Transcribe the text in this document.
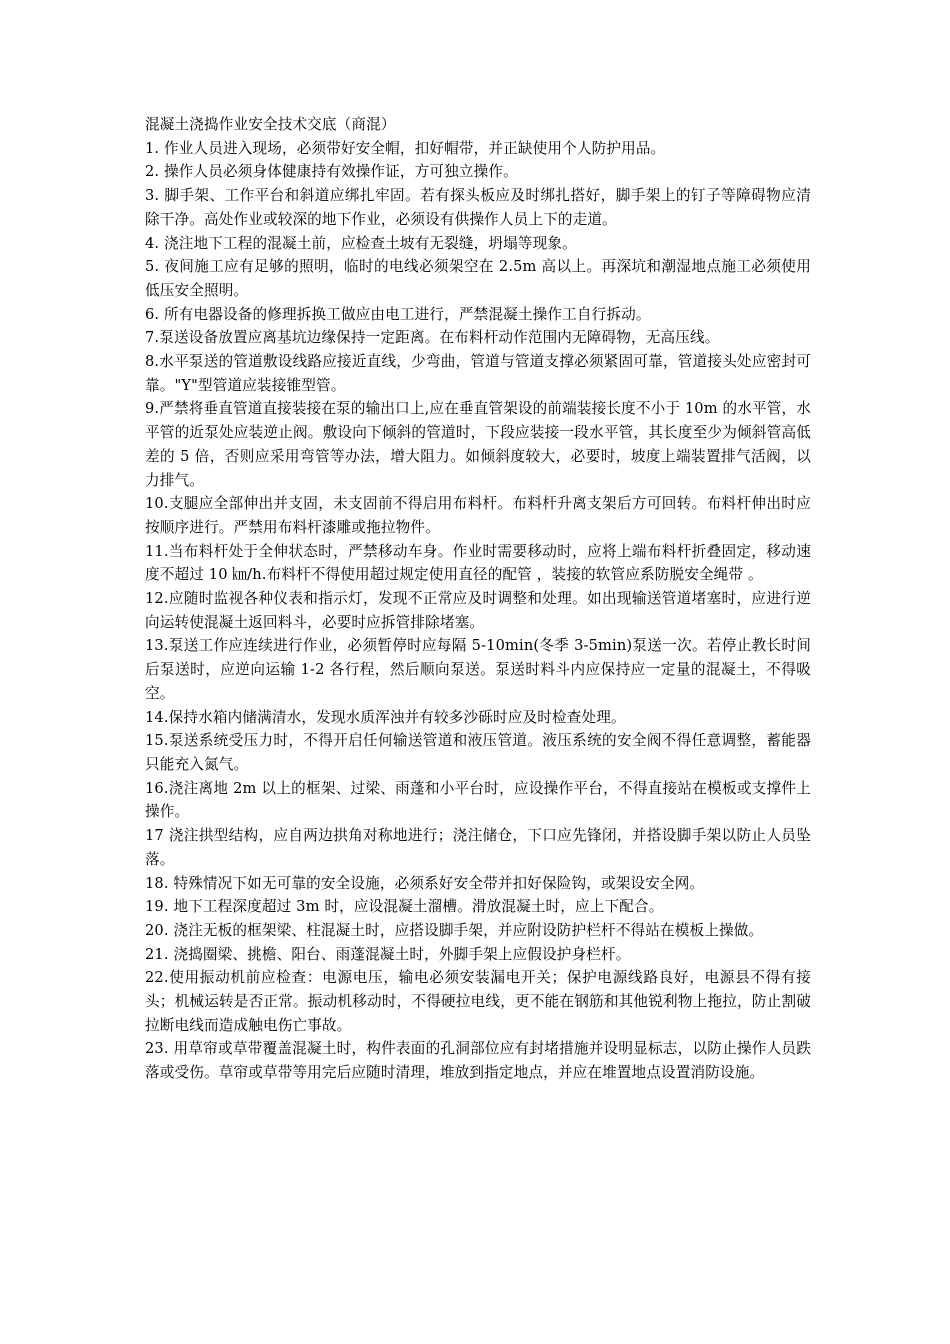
混凝土浇捣作业安全技术交底（商混）

1. 作业人员进入现场，必须带好安全帽，扣好帽带，并正缺使用个人防护用品。

2. 操作人员必须身体健康持有效操作证，方可独立操作。

3. 脚手架、工作平台和斜道应绑扎牢固。若有探头板应及时绑扎搭好，脚手架上的钉子等障碍物应清除干净。高处作业或较深的地下作业，必须设有供操作人员上下的走道。

4. 浇注地下工程的混凝土前，应检查土坡有无裂缝，坍塌等现象。

5. 夜间施工应有足够的照明，临时的电线必须架空在 2.5m 高以上。再深坑和潮湿地点施工必须使用低压安全照明。

6. 所有电器设备的修理拆换工做应由电工进行，严禁混凝土操作工自行拆动。

7.泵送设备放置应离基坑边缘保持一定距离。在布料杆动作范围内无障碍物，无高压线。

8.水平泵送的管道敷设线路应接近直线，少弯曲，管道与管道支撑必须紧固可靠，管道接头处应密封可靠。"Y"型管道应装接锥型管。

9.严禁将垂直管道直接装接在泵的输出口上,应在垂直管架设的前端装接长度不小于 10m 的水平管，水平管的近泵处应装逆止阀。敷设向下倾斜的管道时，下段应装接一段水平管，其长度至少为倾斜管高低差的 5 倍，否则应采用弯管等办法，增大阻力。如倾斜度较大，必要时，坡度上端装置排气活阀，以力排气。

10.支腿应全部伸出并支固，未支固前不得启用布料杆。布料杆升离支架后方可回转。布料杆伸出时应按顺序进行。严禁用布料杆漆雕或拖拉物件。

11.当布料杆处于全伸状态时，严禁移动车身。作业时需要移动时，应将上端布料杆折叠固定，移动速度不超过 10 ㎞/h.布料杆不得使用超过规定使用直径的配管 ，装接的软管应系防脱安全绳带 。

12.应随时监视各种仪表和指示灯，发现不正常应及时调整和处理。如出现输送管道堵塞时，应进行逆向运转使混凝土返回料斗，必要时应拆管排除堵塞。

13.泵送工作应连续进行作业，必须暂停时应每隔 5-10min(冬季 3-5min)泵送一次。若停止教长时间后泵送时，应逆向运输 1-2 各行程，然后顺向泵送。泵送时料斗内应保持应一定量的混凝土，不得吸空。

14.保持水箱内储满清水，发现水质浑浊并有较多沙砾时应及时检查处理。

15.泵送系统受压力时，不得开启任何输送管道和液压管道。液压系统的安全阀不得任意调整，蓄能器只能充入氮气。

16.浇注离地 2m 以上的框架、过梁、雨蓬和小平台时，应设操作平台，不得直接站在模板或支撑件上操作。

17 浇注拱型结构，应自两边拱角对称地进行；浇注储仓，下口应先锋闭，并搭设脚手架以防止人员坠落。

18. 特殊情况下如无可靠的安全设施，必须系好安全带并扣好保险钩，或架设安全网。

19. 地下工程深度超过 3m 时，应设混凝土溜槽。滑放混凝土时，应上下配合。

20. 浇注无板的框架梁、柱混凝土时，应搭设脚手架，并应附设防护栏杆不得站在模板上操做。

21. 浇捣圈梁、挑檐、阳台、雨蓬混凝土时，外脚手架上应假设护身栏杆。

22.使用振动机前应检查：电源电压，输电必须安装漏电开关；保护电源线路良好，电源县不得有接头；机械运转是否正常。振动机移动时，不得硬拉电线，更不能在钢筋和其他锐利物上拖拉，防止割破拉断电线而造成触电伤亡事故。

23. 用草帘或草带覆盖混凝土时，构件表面的孔洞部位应有封堵措施并设明显标志，以防止操作人员跌落或受伤。草帘或草带等用完后应随时清理，堆放到指定地点，并应在堆置地点设置消防设施。
